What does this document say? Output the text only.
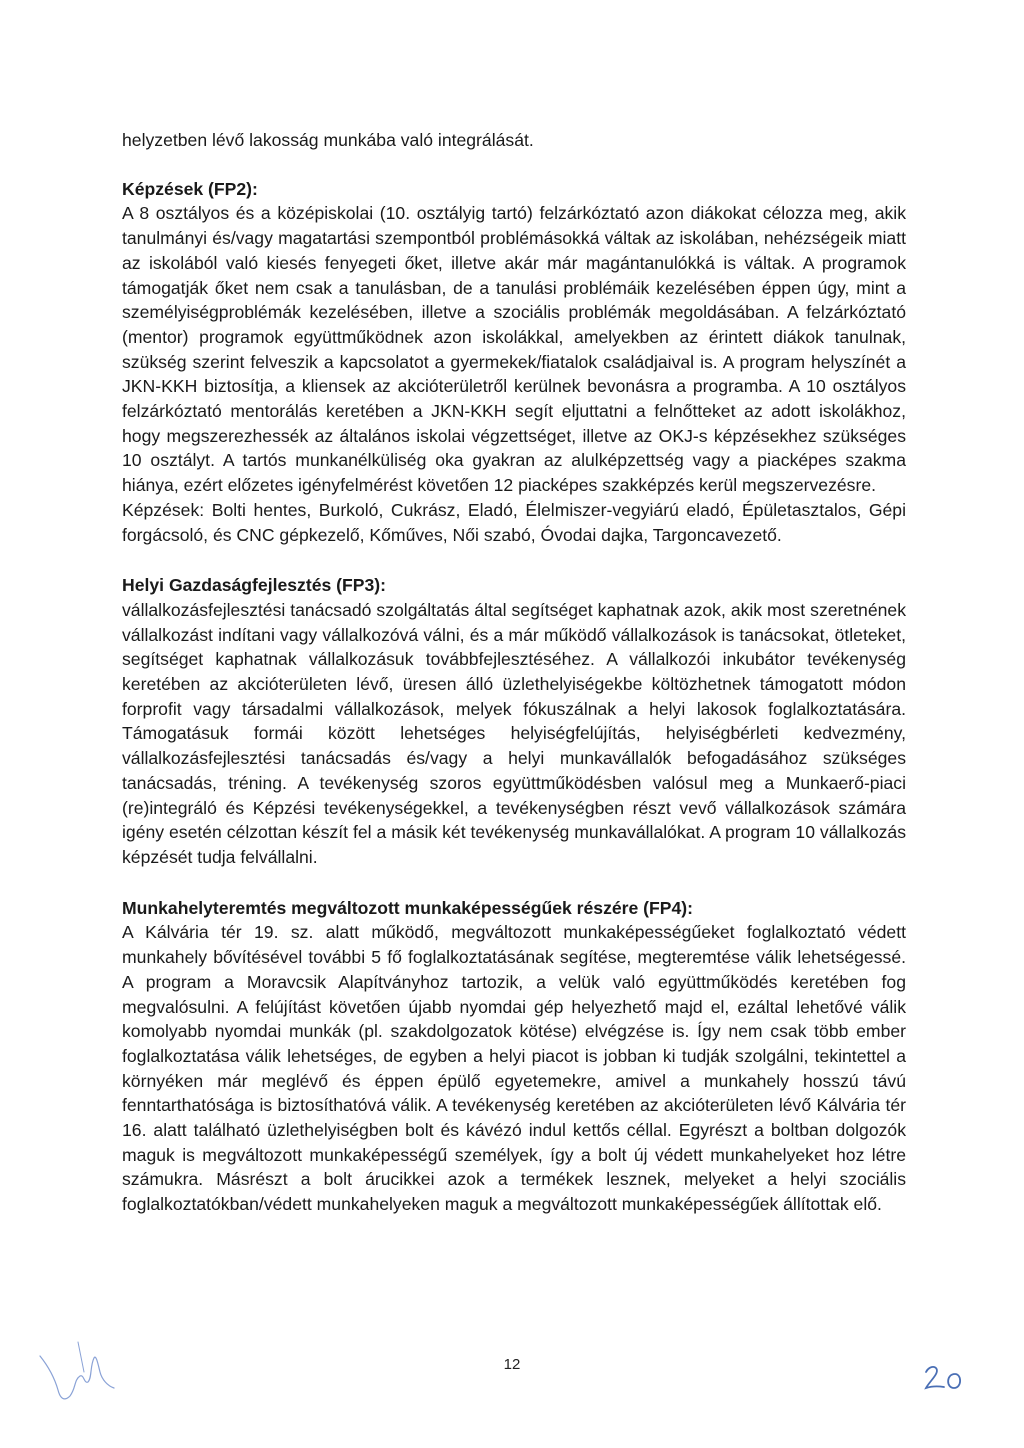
helyzetben lévő lakosság munkába való integrálását.

Képzések (FP2):

A 8 osztályos és a középiskolai (10. osztályig tartó) felzárkóztató azon diákokat célozza meg, akik tanulmányi és/vagy magatartási szempontból problémásokká váltak az iskolában, nehézségeik miatt az iskolából való kiesés fenyegeti őket, illetve akár már magántanulókká is váltak. A programok támogatják őket nem csak a tanulásban, de a tanulási problémáik kezelésében éppen úgy, mint a személyiségproblémák kezelésében, illetve a szociális problémák megoldásában. A felzárkóztató (mentor) programok együttműködnek azon iskolákkal, amelyekben az érintett diákok tanulnak, szükség szerint felveszik a kapcsolatot a gyermekek/fiatalok családjaival is. A program helyszínét a JKN-KKH biztosítja, a kliensek az akcióterületről kerülnek bevonásra a programba. A 10 osztályos felzárkóztató mentorálás keretében a JKN-KKH segít eljuttatni a felnőtteket az adott iskolákhoz, hogy megszerezhessék az általános iskolai végzettséget, illetve az OKJ-s képzésekhez szükséges 10 osztályt. A tartós munkanélküliség oka gyakran az alulképzettség vagy a piacképes szakma hiánya, ezért előzetes igényfelmérést követően 12 piacképes szakképzés kerül megszervezésre.

Képzések: Bolti hentes, Burkoló, Cukrász, Eladó, Élelmiszer-vegyiárú eladó, Épületasztalos, Gépi forgácsoló, és CNC gépkezelő, Kőműves, Női szabó, Óvodai dajka, Targoncavezető.

Helyi Gazdaságfejlesztés (FP3):

vállalkozásfejlesztési tanácsadó szolgáltatás által segítséget kaphatnak azok, akik most szeretnének vállalkozást indítani vagy vállalkozóvá válni, és a már működő vállalkozások is tanácsokat, ötleteket, segítséget kaphatnak vállalkozásuk továbbfejlesztéséhez. A vállalkozói inkubátor tevékenység keretében az akcióterületen lévő, üresen álló üzlethelyiségekbe költözhetnek támogatott módon forprofit vagy társadalmi vállalkozások, melyek fókuszálnak a helyi lakosok foglalkoztatására. Támogatásuk formái között lehetséges helyiségfelújítás, helyiségbérleti kedvezmény, vállalkozásfejlesztési tanácsadás és/vagy a helyi munkavállalók befogadásához szükséges tanácsadás, tréning. A tevékenység szoros együttműködésben valósul meg a Munkaerő-piaci (re)integráló és Képzési tevékenységekkel, a tevékenységben részt vevő vállalkozások számára igény esetén célzottan készít fel a másik két tevékenység munkavállalókat. A program 10 vállalkozás képzését tudja felvállalni.

Munkahelyteremtés megváltozott munkaképességűek részére (FP4):

A Kálvária tér 19. sz. alatt működő, megváltozott munkaképességűeket foglalkoztató védett munkahely bővítésével további 5 fő foglalkoztatásának segítése, megteremtése válik lehetségessé. A program a Moravcsik Alapítványhoz tartozik, a velük való együttműködés keretében fog megvalósulni. A felújítást követően újabb nyomdai gép helyezhető majd el, ezáltal lehetővé válik komolyabb nyomdai munkák (pl. szakdolgozatok kötése) elvégzése is. Így nem csak több ember foglalkoztatása válik lehetséges, de egyben a helyi piacot is jobban ki tudják szolgálni, tekintettel a környéken már meglévő és éppen épülő egyetemekre, amivel a munkahely hosszú távú fenntarthatósága is biztosíthatóvá válik. A tevékenység keretében az akcióterületen lévő Kálvária tér 16. alatt található üzlethelyiségben bolt és kávézó indul kettős céllal. Egyrészt a boltban dolgozók maguk is megváltozott munkaképességű személyek, így a bolt új védett munkahelyeket hoz létre számukra. Másrészt a bolt árucikkei azok a termékek lesznek, melyeket a helyi szociális foglalkoztatókban/védett munkahelyeken maguk a megváltozott munkaképességűek állítottak elő.

12
